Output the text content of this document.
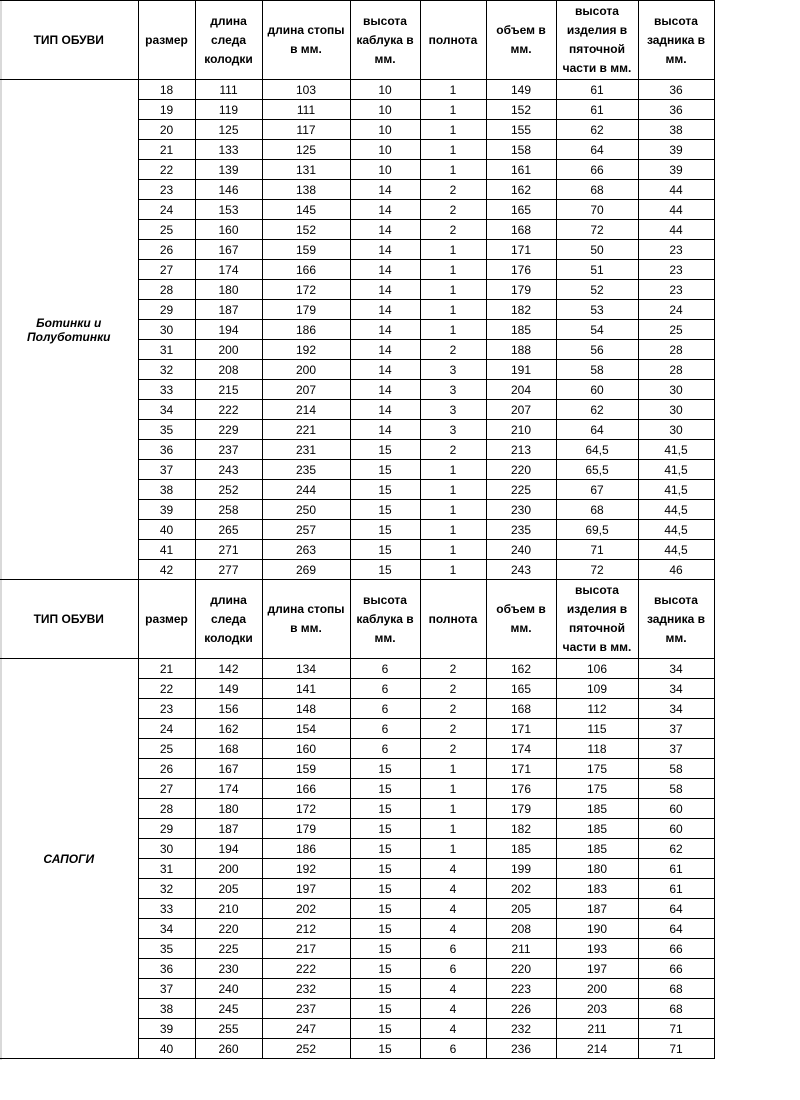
ТИП ОБУВИ	размер	длина следа колодки	длина стопы в мм.	высота каблука в мм.	полнота	объем в мм.	высота изделия в пяточной части в мм.	высота задника в мм.
Ботинки и Полуботинки	18	111	103	10	1	149	61	36
	19	119	111	10	1	152	61	36
	20	125	117	10	1	155	62	38
	21	133	125	10	1	158	64	39
	22	139	131	10	1	161	66	39
	23	146	138	14	2	162	68	44
	24	153	145	14	2	165	70	44
	25	160	152	14	2	168	72	44
	26	167	159	14	1	171	50	23
	27	174	166	14	1	176	51	23
	28	180	172	14	1	179	52	23
	29	187	179	14	1	182	53	24
	30	194	186	14	1	185	54	25
	31	200	192	14	2	188	56	28
	32	208	200	14	3	191	58	28
	33	215	207	14	3	204	60	30
	34	222	214	14	3	207	62	30
	35	229	221	14	3	210	64	30
	36	237	231	15	2	213	64,5	41,5
	37	243	235	15	1	220	65,5	41,5
	38	252	244	15	1	225	67	41,5
	39	258	250	15	1	230	68	44,5
	40	265	257	15	1	235	69,5	44,5
	41	271	263	15	1	240	71	44,5
	42	277	269	15	1	243	72	46
ТИП ОБУВИ	размер	длина следа колодки	длина стопы в мм.	высота каблука в мм.	полнота	объем в мм.	высота изделия в пяточной части в мм.	высота задника в мм.
САПОГИ	21	142	134	6	2	162	106	34
	22	149	141	6	2	165	109	34
	23	156	148	6	2	168	112	34
	24	162	154	6	2	171	115	37
	25	168	160	6	2	174	118	37
	26	167	159	15	1	171	175	58
	27	174	166	15	1	176	175	58
	28	180	172	15	1	179	185	60
	29	187	179	15	1	182	185	60
	30	194	186	15	1	185	185	62
	31	200	192	15	4	199	180	61
	32	205	197	15	4	202	183	61
	33	210	202	15	4	205	187	64
	34	220	212	15	4	208	190	64
	35	225	217	15	6	211	193	66
	36	230	222	15	6	220	197	66
	37	240	232	15	4	223	200	68
	38	245	237	15	4	226	203	68
	39	255	247	15	4	232	211	71
	40	260	252	15	6	236	214	71
